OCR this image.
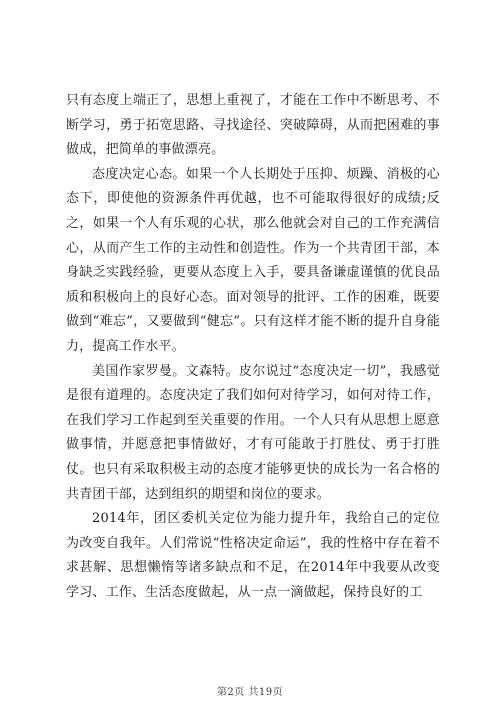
只有态度上端正了，思想上重视了，才能在工作中不断思考、不断学习，勇于拓宽思路、寻找途径、突破障碍，从而把困难的事做成，把简单的事做漂亮。

态度决定心态。如果一个人长期处于压抑、烦躁、消极的心态下，即使他的资源条件再优越，也不可能取得很好的成绩;反之，如果一个人有乐观的心状，那么他就会对自己的工作充满信心，从而产生工作的主动性和创造性。作为一个共青团干部，本身缺乏实践经验，更要从态度上入手，要具备谦虚谨慎的优良品质和积极向上的良好心态。面对领导的批评、工作的困难，既要做到“难忘”，又要做到“健忘”。只有这样才能不断的提升自身能力，提高工作水平。

美国作家罗曼。文森特。皮尔说过“态度决定一切”，我感觉是很有道理的。态度决定了我们如何对待学习，如何对待工作，在我们学习工作起到至关重要的作用。一个人只有从思想上愿意做事情，并愿意把事情做好，才有可能敢于打胜仗、勇于打胜仗。也只有采取积极主动的态度才能够更快的成长为一名合格的共青团干部，达到组织的期望和岗位的要求。

2014年，团区委机关定位为能力提升年，我给自己的定位为改变自我年。人们常说“性格决定命运”，我的性格中存在着不求甚解、思想懒惰等诸多缺点和不足，在2014年中我要从改变学习、工作、生活态度做起，从一点一滴做起，保持良好的工

第2页 共19页
